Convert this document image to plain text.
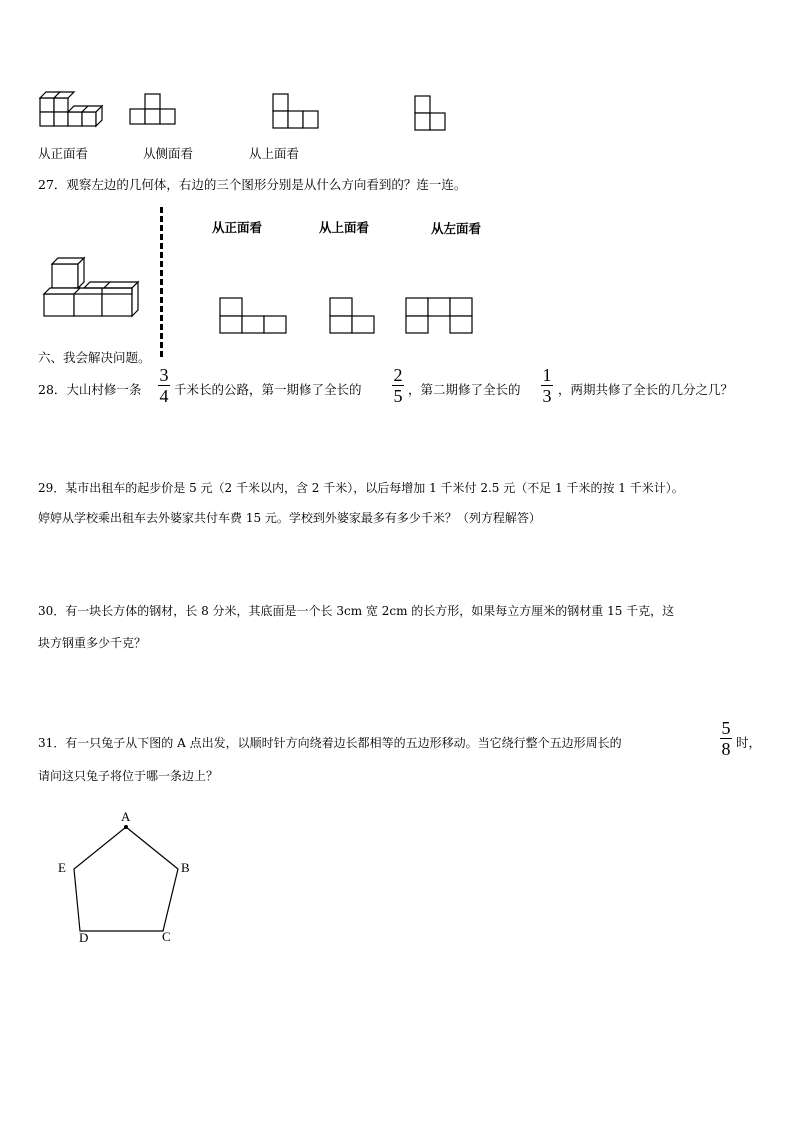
从正面看	从侧面看	从上面看
27．观察左边的几何体，右边的三个图形分别是从什么方向看到的？连一连。
从正面看	从上面看	从左面看
六、我会解决问题。
28．大山村修一条
3
4 千米长的公路，第一期修了全长的
2
5 ，第二期修了全长的
1
3 ，两期共修了全长的几分之几？
29．某市出租车的起步价是 5 元（2 千米以内，含 2 千米），以后每增加 1 千米付 2.5 元（不足 1 千米的按 1 千米计）。
婷婷从学校乘出租车去外婆家共付车费 15 元。学校到外婆家最多有多少千米？（列方程解答）
30．有一块长方体的钢材，长 8 分米，其底面是一个长 3cm 宽 2cm 的长方形，如果每立方厘米的钢材重 15 千克，这
块方钢重多少千克？
31．有一只兔子从下图的 A 点出发，以顺时针方向绕着边长都相等的五边形移动。当它绕行整个五边形周长的
5
8 时，
请问这只兔子将位于哪一条边上？
A
B
C
D
E
